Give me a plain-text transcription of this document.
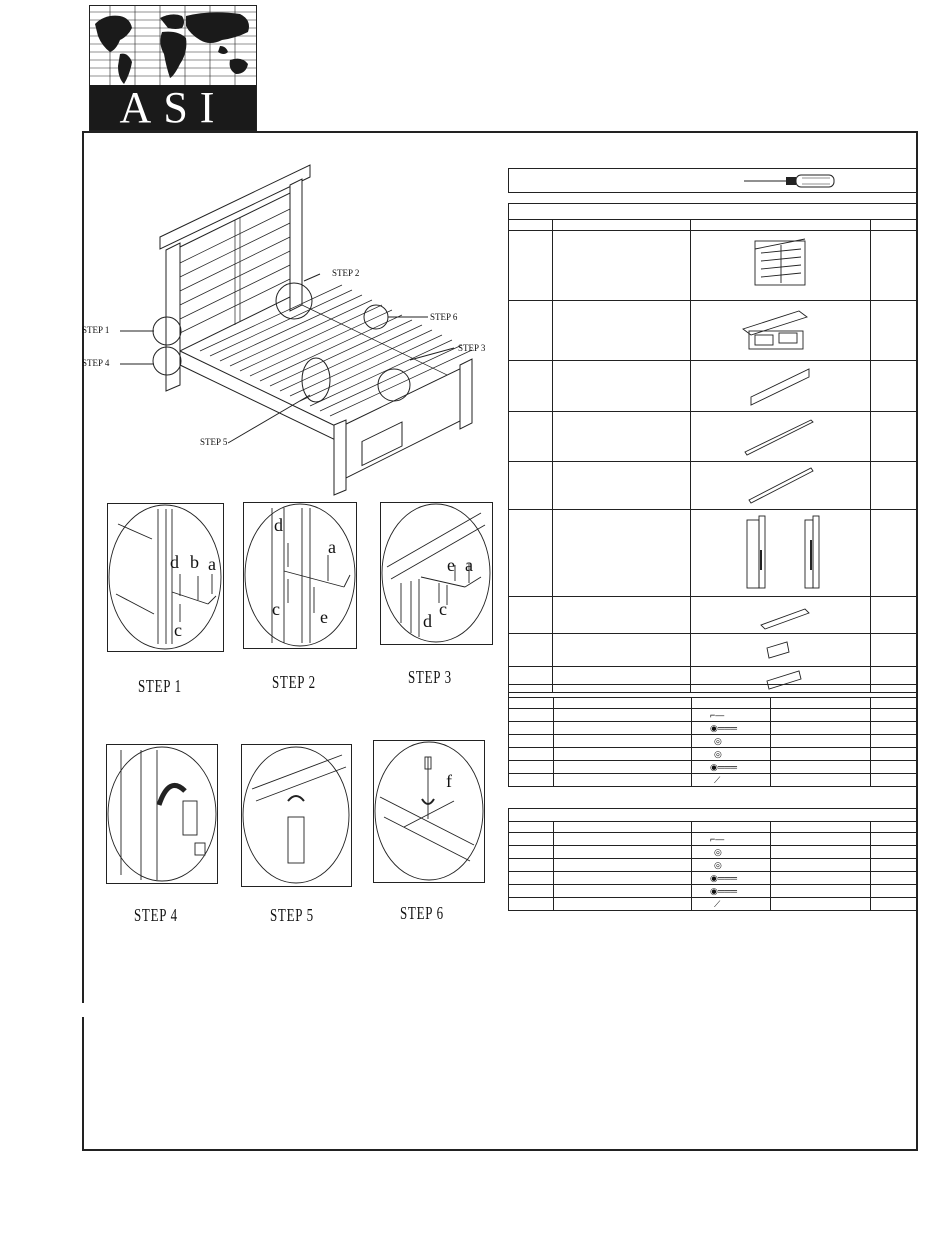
ASI
STEP 1
STEP 4
STEP 5
STEP 2
STEP 6
STEP 3
d b a
c
STEP 1
d
a
c e
STEP 2
e a
d
c
STEP 3
STEP 4	STEP 5
f
STEP 6

		⌐—		
		◉═══		
		◎		
		◎		
		◉═══		
		⟋		

		⌐—		
		◎		
		◎		
		◉═══		
		◉═══		
		⟋		
